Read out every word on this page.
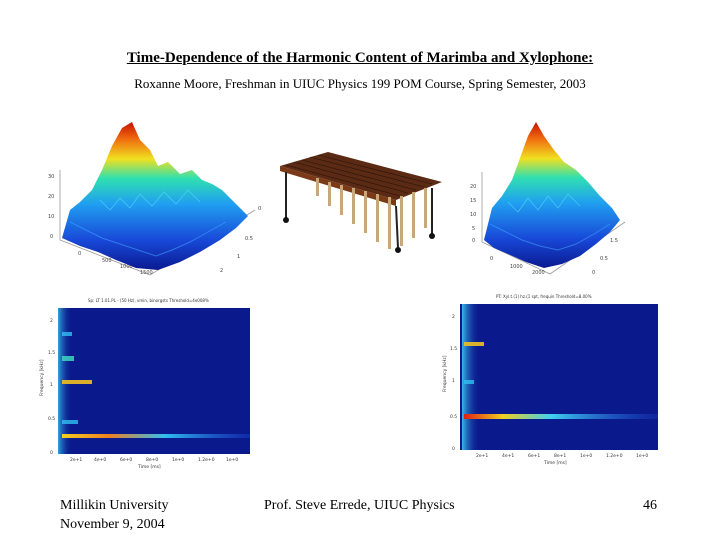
Time-Dependence of the Harmonic Content of Marimba and Xylophone:
Roxanne Moore, Freshman in UIUC Physics 199 POM Course, Spring Semester, 2003
30
20
10
0
0
500
1000
1500
0
0.5
1
2
20
15
10
5
0
0
1000
2000
1.5
0.5
0
Sp: LT 1.01.PL - (50 Hz), vmin, binorgsts Threshold=4e008%
2
1.5
1
0.5
0
2e+1	4e+0	6e+0	8e+0	1e+0	1.2e+0	1e+0
Time [ms]
Frequency [kHz]
PT: Xyl.t.(1) hz.(1 spt, frequin Threshold=8.00%
2
1.5
1
0.5
0
2e+1	4e+1	6e+1	8e+1	1e+0	1.2e+0	1e+0
Time [ms]
Frequency [kHz]
Millikin University
November 9, 2004
Prof. Steve Errede, UIUC Physics	46
